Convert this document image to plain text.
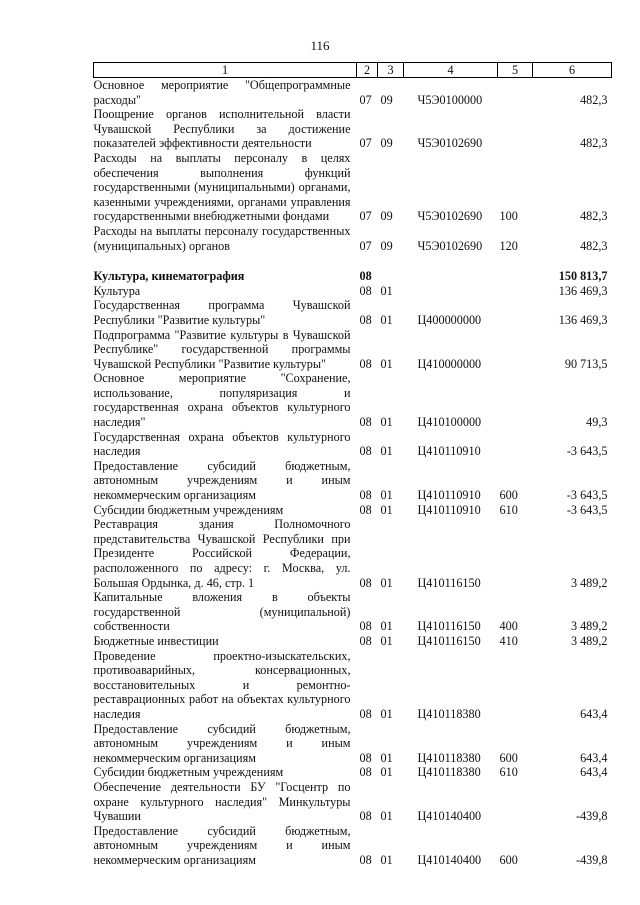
116
1	2	3	4	5	6
Основное мероприятие "Общепрограммные расходы"	07	09	Ч5Э0100000		482,3
Поощрение органов исполнительной власти Чувашской Республики за достижение показателей эффективности деятельности	07	09	Ч5Э0102690		482,3
Расходы на выплаты персоналу в целях обеспечения выполнения функций государственными (муниципальными) органами, казенными учреждениями, органами управления государственными внебюджетными фондами	07	09	Ч5Э0102690	100	482,3
Расходы на выплаты персоналу государственных (муниципальных) органов	07	09	Ч5Э0102690	120	482,3

Культура, кинематография	08				150 813,7
Культура	08	01			136 469,3
Государственная программа Чувашской Республики "Развитие культуры"	08	01	Ц400000000		136 469,3
Подпрограмма "Развитие культуры в Чувашской Республике" государственной программы Чувашской Республики "Развитие культуры"	08	01	Ц410000000		90 713,5
Основное мероприятие "Сохранение, использование, популяризация и государственная охрана объектов культурного наследия"	08	01	Ц410100000		49,3
Государственная охрана объектов культурного наследия	08	01	Ц410110910		-3 643,5
Предоставление субсидий бюджетным, автономным учреждениям и иным некоммерческим организациям	08	01	Ц410110910	600	-3 643,5
Субсидии бюджетным учреждениям	08	01	Ц410110910	610	-3 643,5
Реставрация здания Полномочного представительства Чувашской Республики при Президенте Российской Федерации, расположенного по адресу: г. Москва, ул. Большая Ордынка, д. 46, стр. 1	08	01	Ц410116150		3 489,2
Капитальные вложения в объекты государственной (муниципальной) собственности	08	01	Ц410116150	400	3 489,2
Бюджетные инвестиции	08	01	Ц410116150	410	3 489,2
Проведение проектно-изыскательских, противоаварийных, консервационных, восстановительных и ремонтно-реставрационных работ на объектах культурного наследия	08	01	Ц410118380		643,4
Предоставление субсидий бюджетным, автономным учреждениям и иным некоммерческим организациям	08	01	Ц410118380	600	643,4
Субсидии бюджетным учреждениям	08	01	Ц410118380	610	643,4
Обеспечение деятельности БУ "Госцентр по охране культурного наследия" Минкультуры Чувашии	08	01	Ц410140400		-439,8
Предоставление субсидий бюджетным, автономным учреждениям и иным некоммерческим организациям	08	01	Ц410140400	600	-439,8
